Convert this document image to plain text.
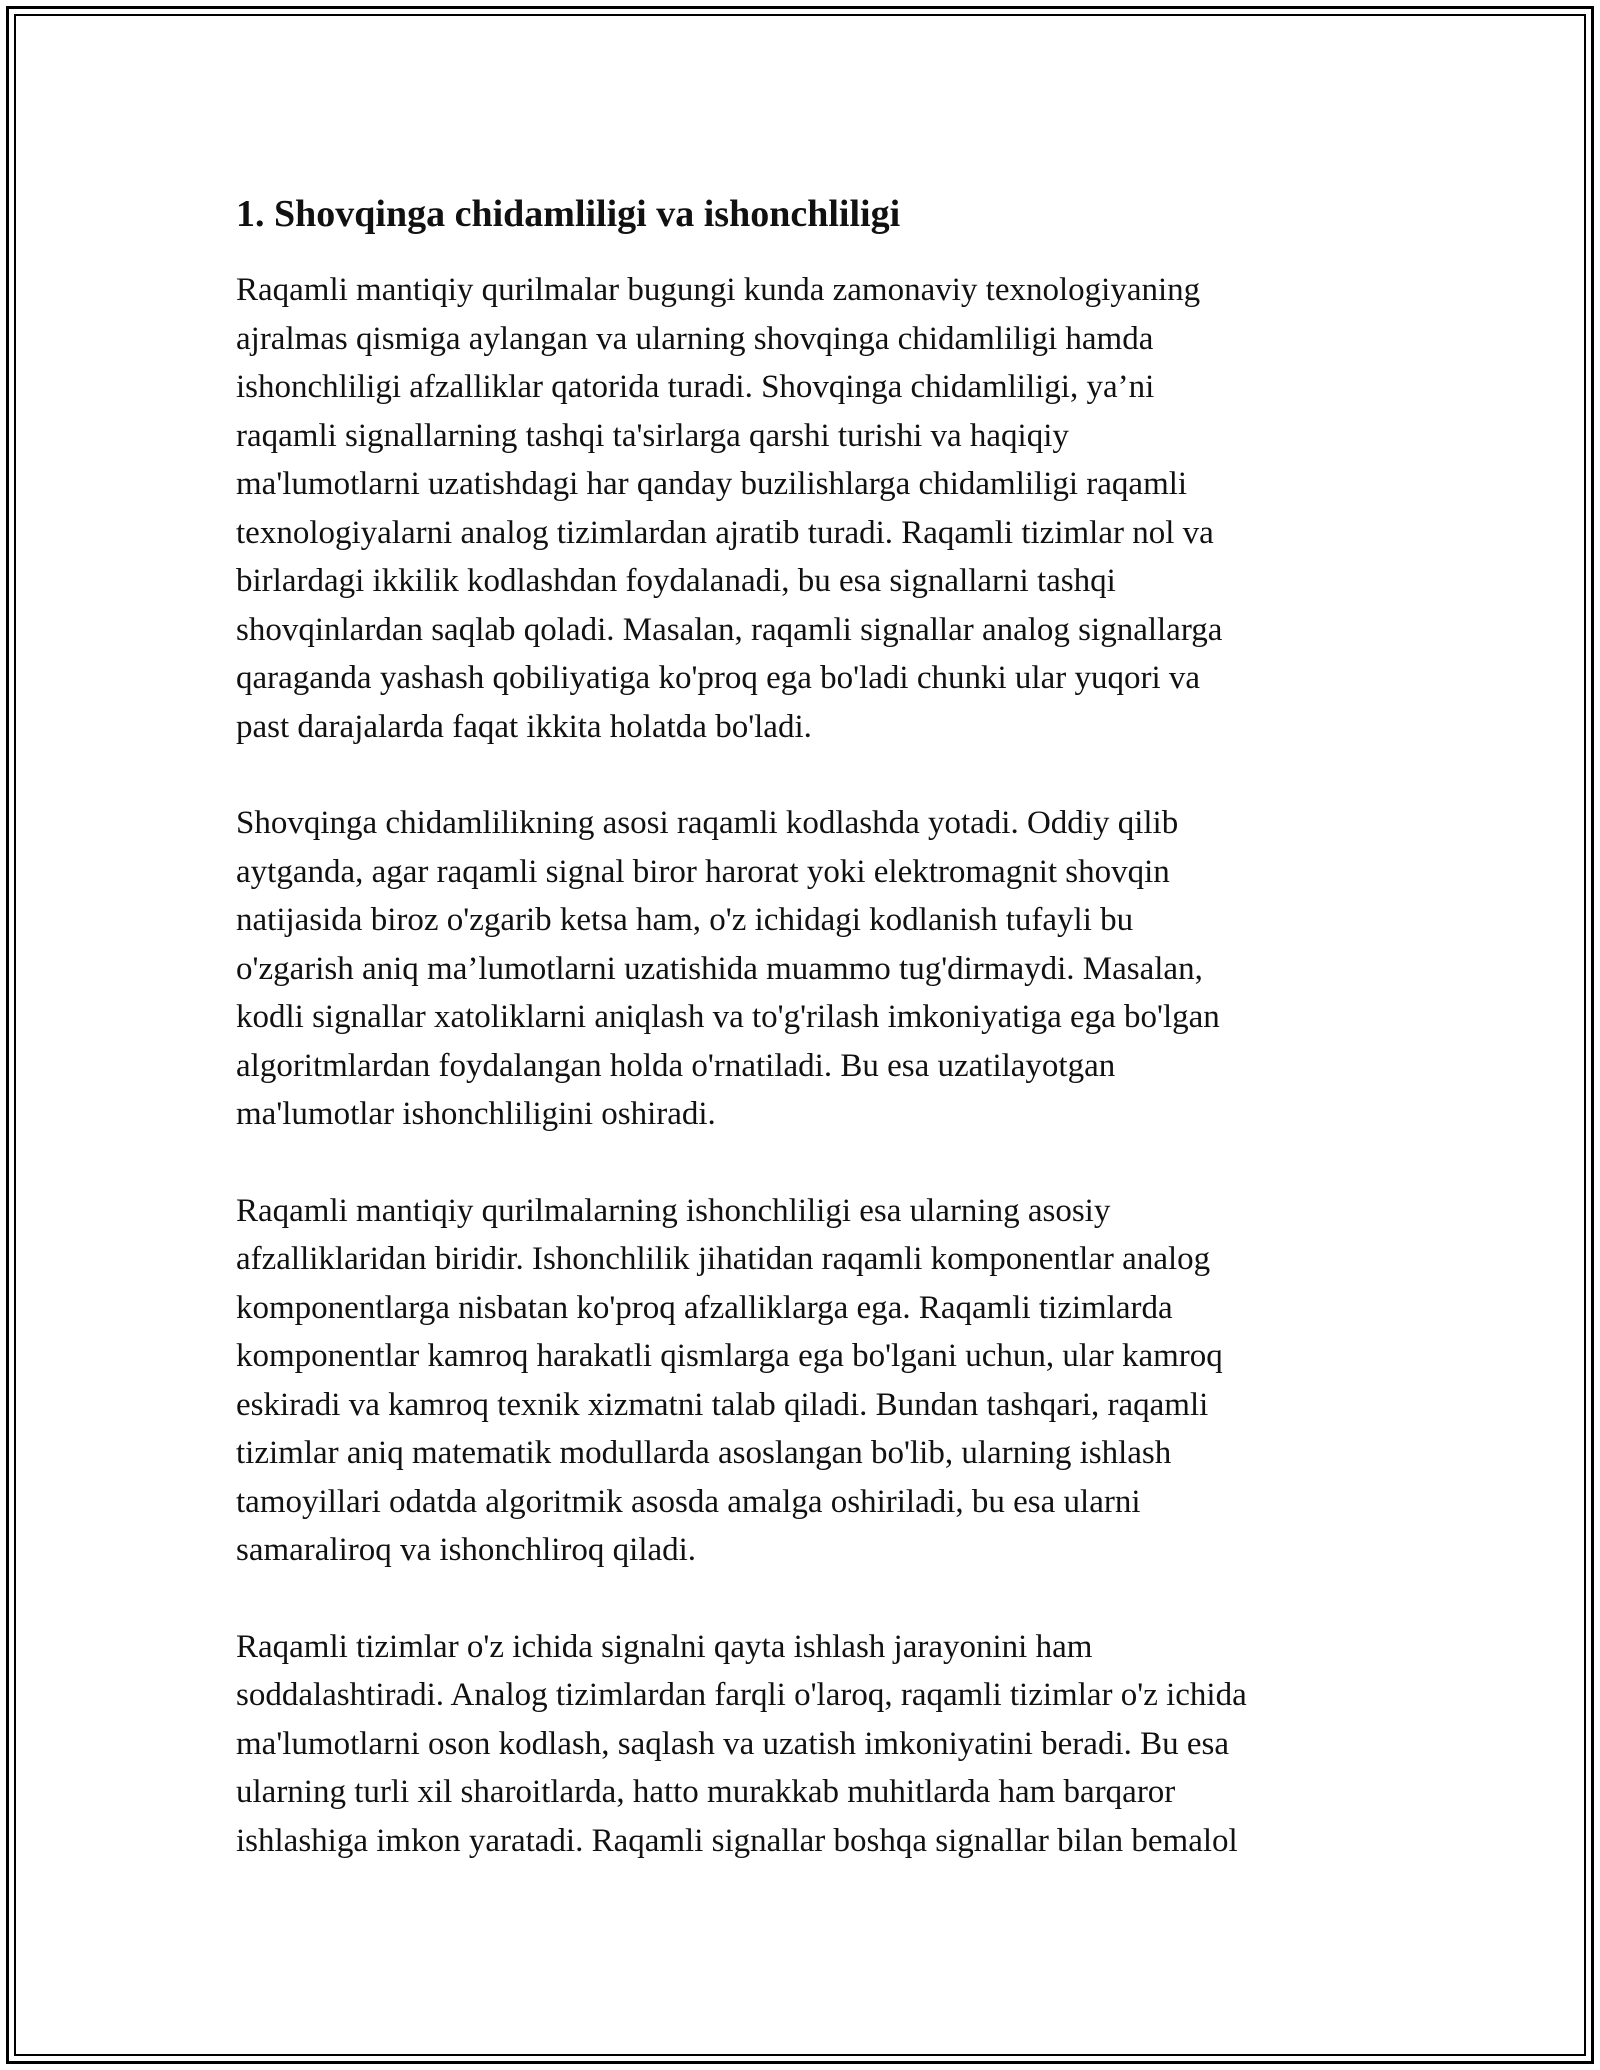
1. Shovqinga chidamliligi va ishonchliligi

Raqamli mantiqiy qurilmalar bugungi kunda zamonaviy texnologiyaning
ajralmas qismiga aylangan va ularning shovqinga chidamliligi hamda
ishonchliligi afzalliklar qatorida turadi. Shovqinga chidamliligi, ya’ni
raqamli signallarning tashqi ta'sirlarga qarshi turishi va haqiqiy
ma'lumotlarni uzatishdagi har qanday buzilishlarga chidamliligi raqamli
texnologiyalarni analog tizimlardan ajratib turadi. Raqamli tizimlar nol va
birlardagi ikkilik kodlashdan foydalanadi, bu esa signallarni tashqi
shovqinlardan saqlab qoladi. Masalan, raqamli signallar analog signallarga
qaraganda yashash qobiliyatiga ko'proq ega bo'ladi chunki ular yuqori va
past darajalarda faqat ikkita holatda bo'ladi.

Shovqinga chidamlilikning asosi raqamli kodlashda yotadi. Oddiy qilib
aytganda, agar raqamli signal biror harorat yoki elektromagnit shovqin
natijasida biroz o'zgarib ketsa ham, o'z ichidagi kodlanish tufayli bu
o'zgarish aniq ma’lumotlarni uzatishida muammo tug'dirmaydi. Masalan,
kodli signallar xatoliklarni aniqlash va to'g'rilash imkoniyatiga ega bo'lgan
algoritmlardan foydalangan holda o'rnatiladi. Bu esa uzatilayotgan
ma'lumotlar ishonchliligini oshiradi.

Raqamli mantiqiy qurilmalarning ishonchliligi esa ularning asosiy
afzalliklaridan biridir. Ishonchlilik jihatidan raqamli komponentlar analog
komponentlarga nisbatan ko'proq afzalliklarga ega. Raqamli tizimlarda
komponentlar kamroq harakatli qismlarga ega bo'lgani uchun, ular kamroq
eskiradi va kamroq texnik xizmatni talab qiladi. Bundan tashqari, raqamli
tizimlar aniq matematik modullarda asoslangan bo'lib, ularning ishlash
tamoyillari odatda algoritmik asosda amalga oshiriladi, bu esa ularni
samaraliroq va ishonchliroq qiladi.

Raqamli tizimlar o'z ichida signalni qayta ishlash jarayonini ham
soddalashtiradi. Analog tizimlardan farqli o'laroq, raqamli tizimlar o'z ichida
ma'lumotlarni oson kodlash, saqlash va uzatish imkoniyatini beradi. Bu esa
ularning turli xil sharoitlarda, hatto murakkab muhitlarda ham barqaror
ishlashiga imkon yaratadi. Raqamli signallar boshqa signallar bilan bemalol
